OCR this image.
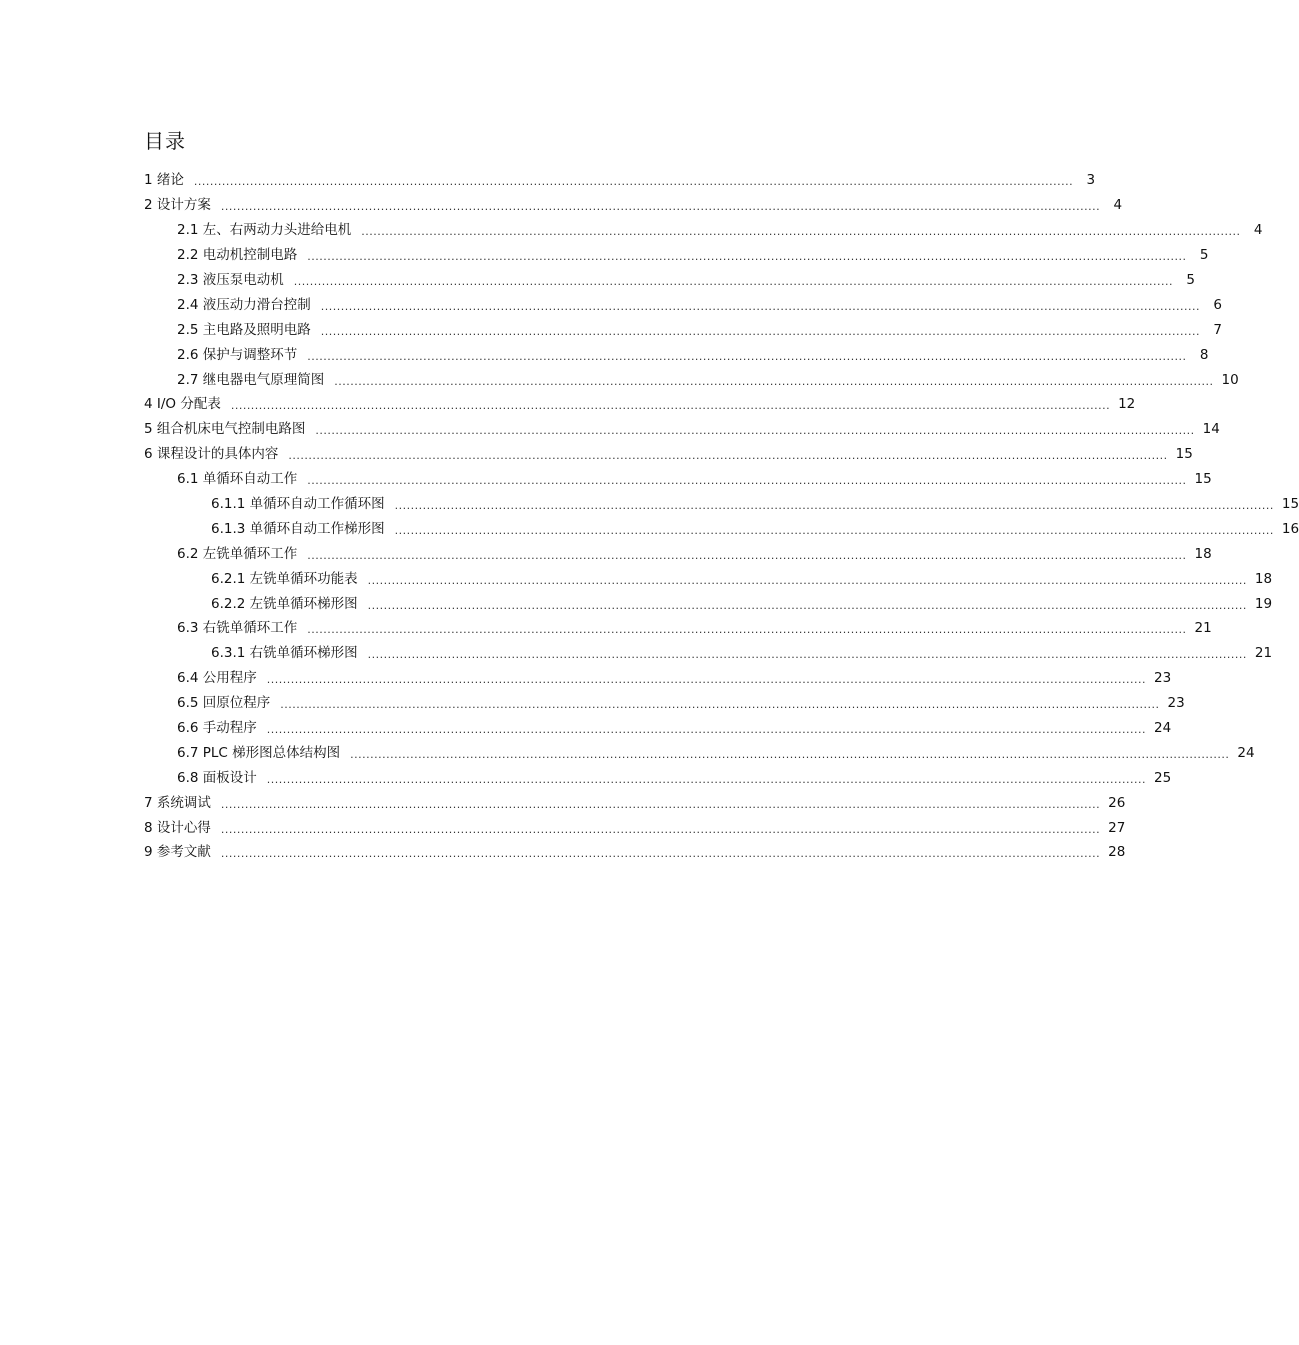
目录
1 绪论 ............................................................................................................................................................................................................................ 3
2 设计方案 ............................................................................................................................................................................................................................ 4
2.1 左、右两动力头进给电机 ............................................................................................................................................................................................................................ 4
2.2 电动机控制电路 ............................................................................................................................................................................................................................ 5
2.3 液压泵电动机 ............................................................................................................................................................................................................................ 5
2.4 液压动力滑台控制 ............................................................................................................................................................................................................................ 6
2.5 主电路及照明电路 ............................................................................................................................................................................................................................ 7
2.6 保护与调整环节 ............................................................................................................................................................................................................................ 8
2.7 继电器电气原理简图 ............................................................................................................................................................................................................................ 10
4 I/O 分配表 ............................................................................................................................................................................................................................ 12
5 组合机床电气控制电路图 ............................................................................................................................................................................................................................ 14
6 课程设计的具体内容 ............................................................................................................................................................................................................................ 15
6.1 单循环自动工作 ............................................................................................................................................................................................................................ 15
6.1.1 单循环自动工作循环图 ............................................................................................................................................................................................................................ 15
6.1.3 单循环自动工作梯形图 ............................................................................................................................................................................................................................ 16
6.2 左铣单循环工作 ............................................................................................................................................................................................................................ 18
6.2.1 左铣单循环功能表 ............................................................................................................................................................................................................................ 18
6.2.2 左铣单循环梯形图 ............................................................................................................................................................................................................................ 19
6.3 右铣单循环工作 ............................................................................................................................................................................................................................ 21
6.3.1 右铣单循环梯形图 ............................................................................................................................................................................................................................ 21
6.4 公用程序 ............................................................................................................................................................................................................................ 23
6.5 回原位程序 ............................................................................................................................................................................................................................ 23
6.6 手动程序 ............................................................................................................................................................................................................................ 24
6.7 PLC 梯形图总体结构图 ............................................................................................................................................................................................................................ 24
6.8 面板设计 ............................................................................................................................................................................................................................ 25
7 系统调试 ............................................................................................................................................................................................................................ 26
8 设计心得 ............................................................................................................................................................................................................................ 27
9 参考文献 ............................................................................................................................................................................................................................ 28
